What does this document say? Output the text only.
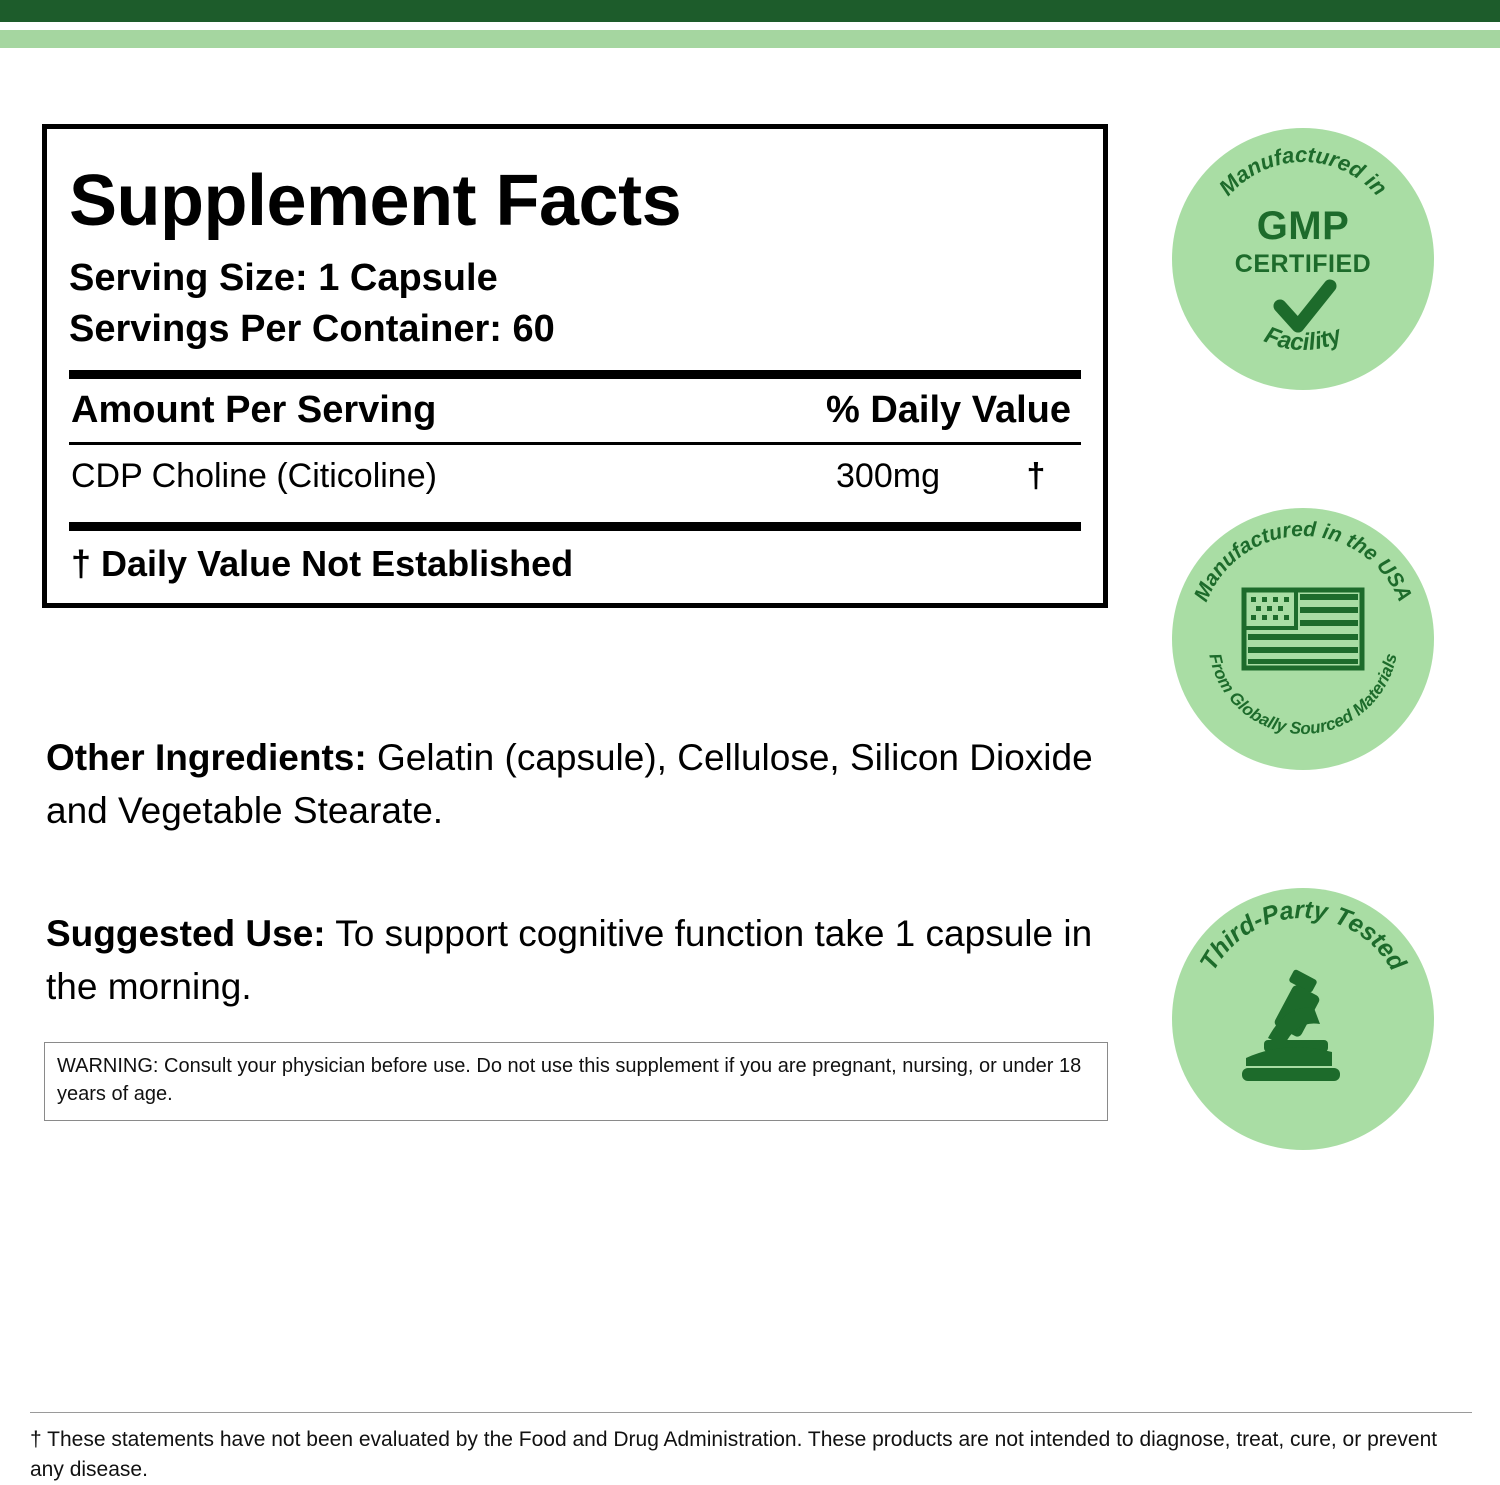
Supplement Facts
Serving Size: 1 Capsule
Servings Per Container: 60
Amount Per Serving	% Daily Value
CDP Choline (Citicoline)	300mg	†
† Daily Value Not Established
Other Ingredients: Gelatin (capsule), Cellulose, Silicon Dioxide and Vegetable Stearate.
Suggested Use: To support cognitive function take 1 capsule in the morning.
WARNING: Consult your physician before use. Do not use this supplement if you are pregnant, nursing, or under 18 years of age.
† These statements have not been evaluated by the Food and Drug Administration. These products are not intended to diagnose, treat, cure, or prevent any disease.
Manufactured in
Facility
GMP
CERTIFIED
Manufactured in the USA
From Globally Sourced Materials
Third-Party Tested
